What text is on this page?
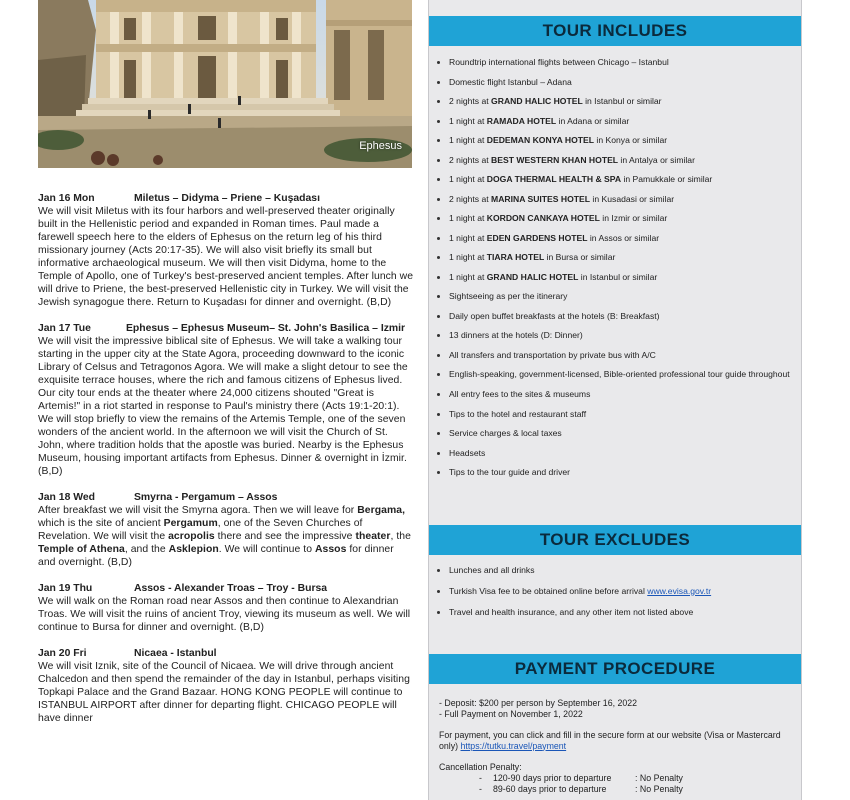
Ephesus
Jan 16 Mon	Miletus – Didyma – Priene – Kuşadası
We will visit Miletus with its four harbors and well-preserved theater originally built in the Hellenistic period and expanded in Roman times. Paul made a farewell speech here to the elders of Ephesus on the return leg of his third missionary journey (Acts 20:17-35). We will also visit briefly its small but informative archaeological museum. We will then visit Didyma, home to the Temple of Apollo, one of Turkey's best-preserved ancient temples. After lunch we will drive to Priene, the best-preserved Hellenistic city in Turkey. We will visit the Jewish synagogue there. Return to Kuşadası for dinner and overnight. (B,D)
Jan 17 Tue	Ephesus – Ephesus Museum– St. John's Basilica – Izmir
We will visit the impressive biblical site of Ephesus. We will take a walking tour starting in the upper city at the State Agora, proceeding downward to the iconic Library of Celsus and Tetragonos Agora. We will make a slight detour to see the exquisite terrace houses, where the rich and famous citizens of Ephesus lived. Our city tour ends at the theater where 24,000 citizens shouted "Great is Artemis!" in a riot started in response to Paul's ministry there (Acts 19:1-20:1). We will stop briefly to view the remains of the Artemis Temple, one of the seven wonders of the ancient world. In the afternoon we will visit the Church of St. John, where tradition holds that the apostle was buried. Nearby is the Ephesus Museum, housing important artifacts from Ephesus. Dinner & overnight in İzmir. (B,D)
Jan 18 Wed	Smyrna - Pergamum – Assos
After breakfast we will visit the Smyrna agora. Then we will leave for Bergama, which is the site of ancient Pergamum, one of the Seven Churches of Revelation. We will visit the acropolis there and see the impressive theater, the Temple of Athena, and the Asklepion. We will continue to Assos for dinner and overnight. (B,D)
Jan 19 Thu	Assos - Alexander Troas – Troy - Bursa
We will walk on the Roman road near Assos and then continue to Alexandrian Troas. We will visit the ruins of ancient Troy, viewing its museum as well. We will continue to Bursa for dinner and overnight. (B,D)
Jan 20 Fri	Nicaea - Istanbul
We will visit Iznik, site of the Council of Nicaea. We will drive through ancient Chalcedon and then spend the remainder of the day in Istanbul, perhaps visiting Topkapi Palace and the Grand Bazaar. HONG KONG PEOPLE will continue to ISTANBUL AIRPORT after dinner for departing flight. CHICAGO PEOPLE will have dinner
TOUR INCLUDES
Roundtrip international flights between Chicago – Istanbul
Domestic flight Istanbul – Adana
2 nights at GRAND HALIC HOTEL in Istanbul or similar
1 night at RAMADA HOTEL in Adana or similar
1 night at DEDEMAN KONYA HOTEL in Konya or similar
2 nights at BEST WESTERN KHAN HOTEL in Antalya or similar
1 night at DOGA THERMAL HEALTH & SPA in Pamukkale or similar
2 nights at MARINA SUITES HOTEL in Kusadasi or similar
1 night at KORDON CANKAYA HOTEL in Izmir or similar
1 night at EDEN GARDENS HOTEL in Assos or similar
1 night at TIARA HOTEL in Bursa or similar
1 night at GRAND HALIC HOTEL in Istanbul or similar
Sightseeing as per the itinerary
Daily open buffet breakfasts at the hotels (B: Breakfast)
13 dinners at the hotels (D: Dinner)
All transfers and transportation by private bus with A/C
English-speaking, government-licensed, Bible-oriented professional tour guide throughout
All entry fees to the sites & museums
Tips to the hotel and restaurant staff
Service charges & local taxes
Headsets
Tips to the tour guide and driver
TOUR EXCLUDES
Lunches and all drinks
Turkish Visa fee to be obtained online before arrival www.evisa.gov.tr
Travel and health insurance, and any other item not listed above
PAYMENT PROCEDURE
- Deposit: $200 per person by September 16, 2022
- Full Payment on November 1, 2022
For payment, you can click and fill in the secure form at our website (Visa or Mastercard only) https://tutku.travel/payment
Cancellation Penalty:
- 120-90 days prior to departure	: No Penalty
- 89-60 days prior to departure	: No Penalty
